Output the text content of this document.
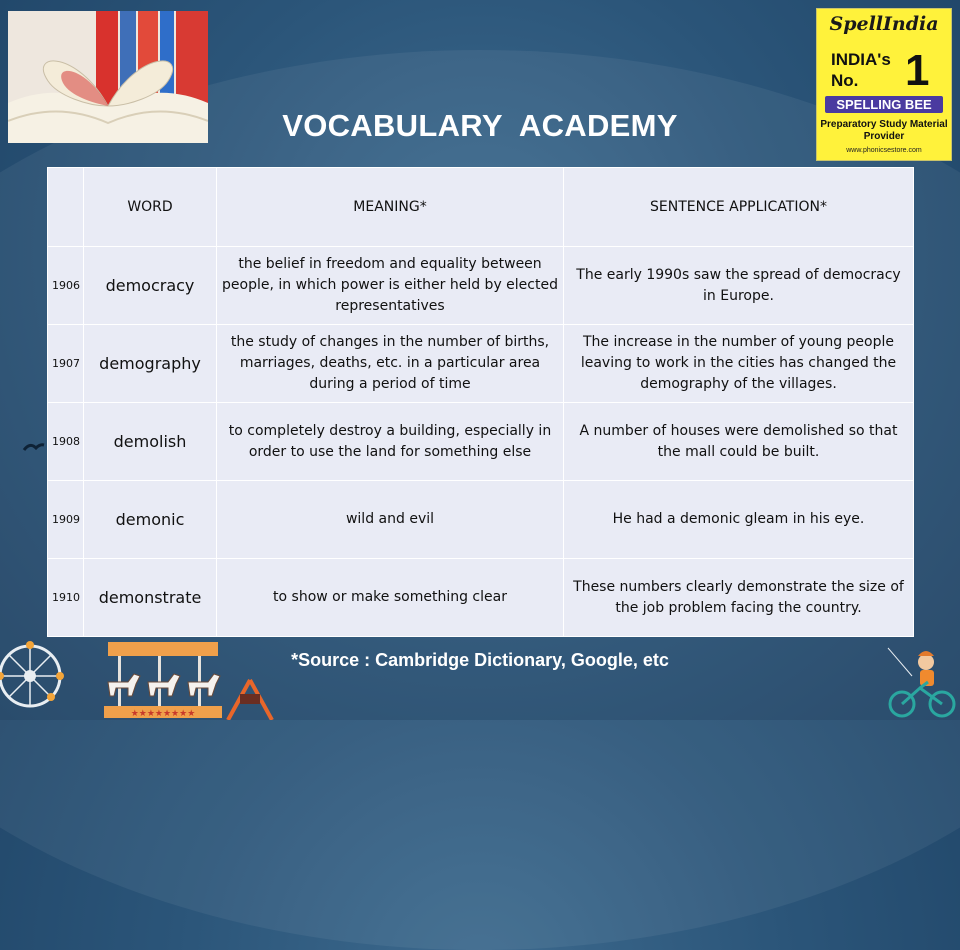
VOCABULARY  ACADEMY
SpellIndia
INDIA's
No. 1
SPELLING BEE
Preparatory Study Material
Provider
www.phonicsestore.com
	WORD	MEANING*	SENTENCE APPLICATION*
1906	democracy	the belief in freedom and equality between people, in which power is either held by elected representatives	The early 1990s saw the spread of democracy in Europe.
1907	demography	the study of changes in the number of births, marriages, deaths, etc. in a particular area during a period of time	The increase in the number of young people leaving to work in the cities has changed the demography of the villages.
1908	demolish	to completely destroy a building, especially in order to use the land for something else	A number of houses were demolished so that the mall could be built.
1909	demonic	wild and evil	He had a demonic gleam in his eye.
1910	demonstrate	to show or make something clear	These numbers clearly demonstrate the size of the job problem facing the country.
*Source : Cambridge Dictionary, Google, etc
★★★★★★★★
